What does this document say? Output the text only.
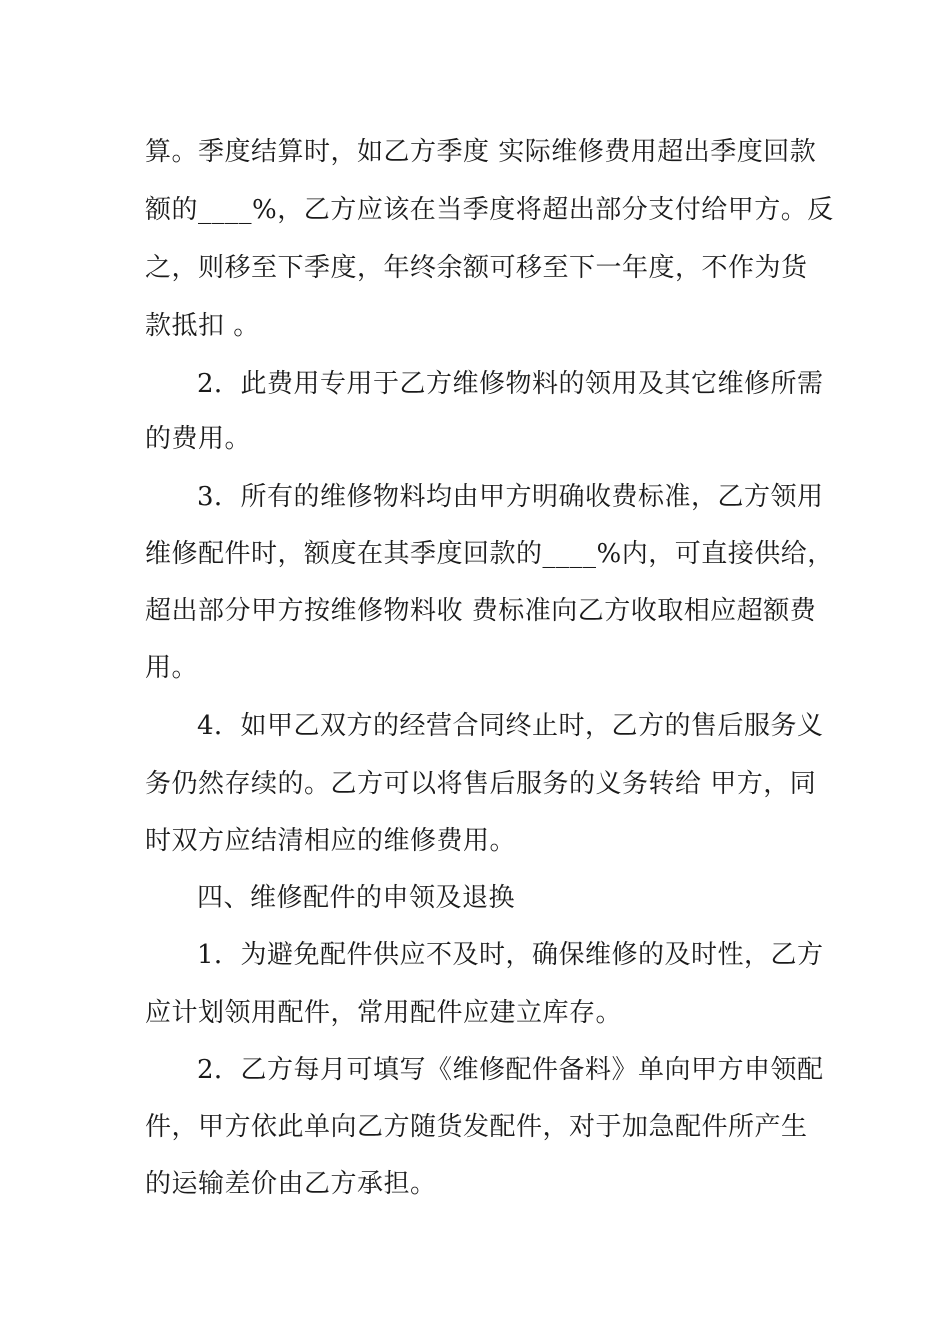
算。季度结算时，如乙方季度 实际维修费用超出季度回款
额的____%，乙方应该在当季度将超出部分支付给甲方。反
之，则移至下季度，年终余额可移至下一年度，不作为货
款抵扣 。
2．此费用专用于乙方维修物料的领用及其它维修所需
的费用。
3．所有的维修物料均由甲方明确收费标准，乙方领用
维修配件时，额度在其季度回款的____%内，可直接供给，
超出部分甲方按维修物料收 费标准向乙方收取相应超额费
用。
4．如甲乙双方的经营合同终止时，乙方的售后服务义
务仍然存续的。乙方可以将售后服务的义务转给 甲方，同
时双方应结清相应的维修费用。
四、维修配件的申领及退换
1．为避免配件供应不及时，确保维修的及时性，乙方
应计划领用配件，常用配件应建立库存。
2．乙方每月可填写《维修配件备料》单向甲方申领配
件，甲方依此单向乙方随货发配件，对于加急配件所产生
的运输差价由乙方承担。
